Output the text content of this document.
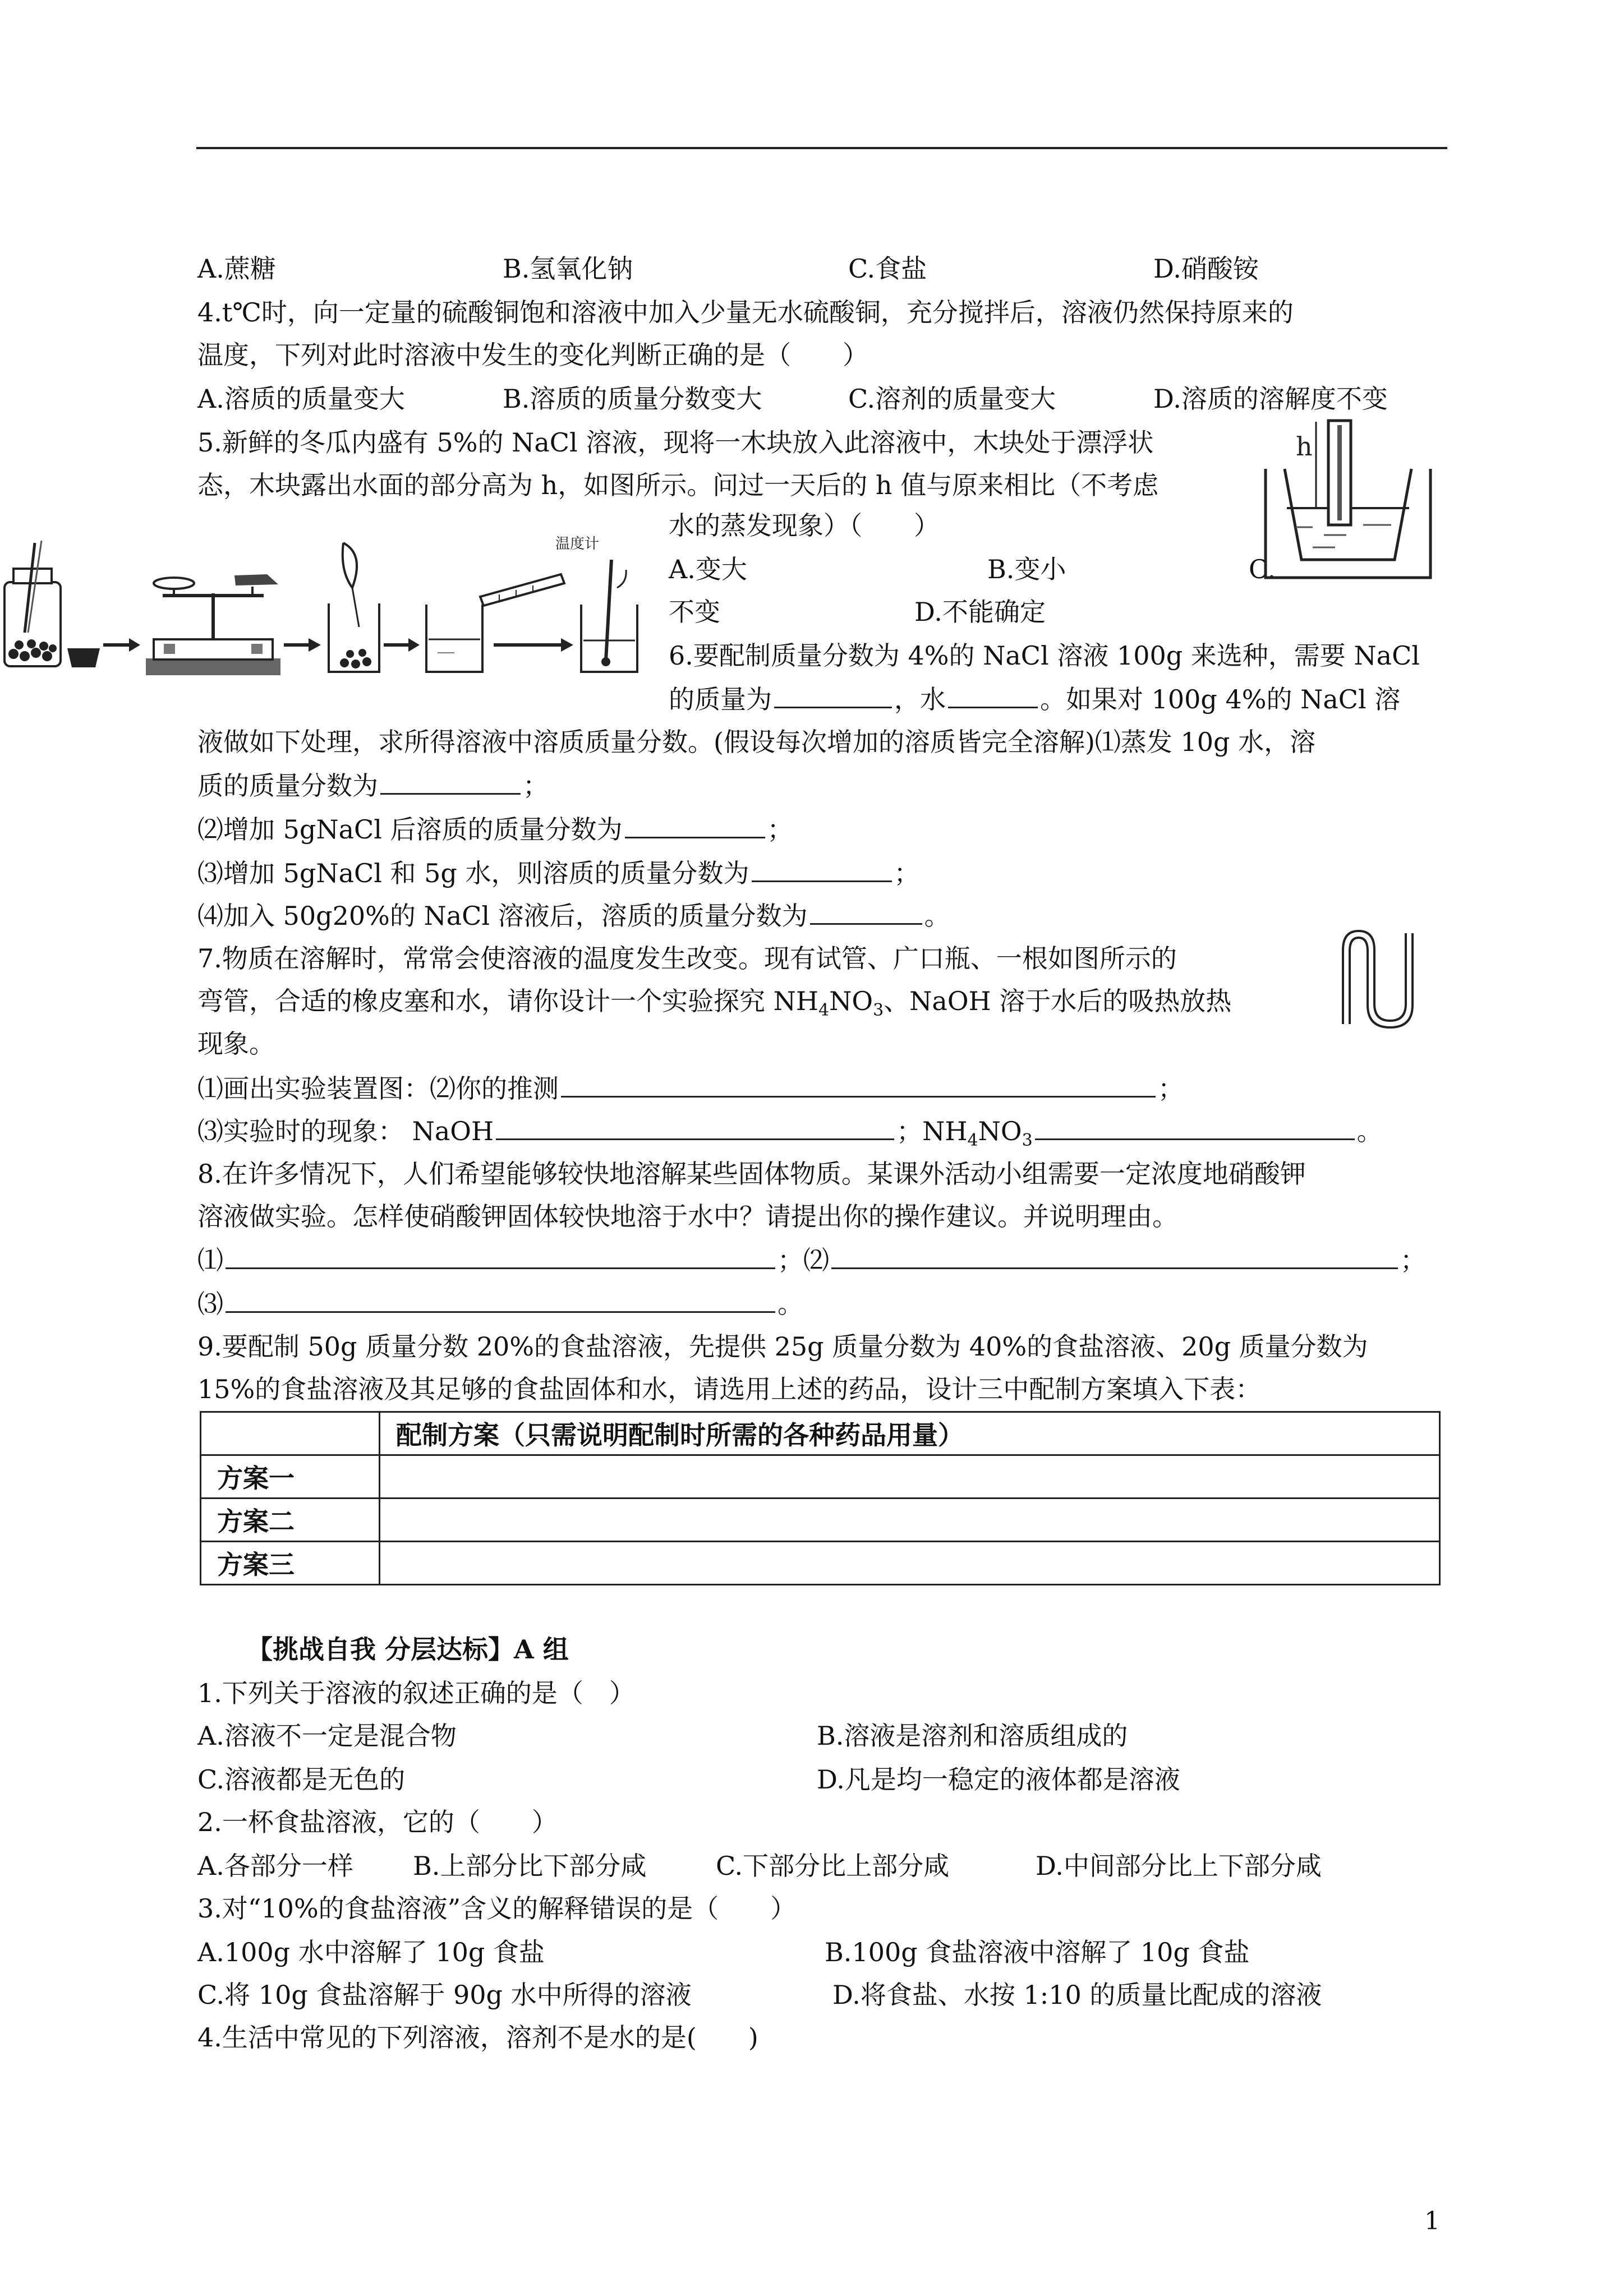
A.蔗糖	B.氢氧化钠	C.食盐	D.硝酸铵
4.t℃时，向一定量的硫酸铜饱和溶液中加入少量无水硫酸铜，充分搅拌后，溶液仍然保持原来的
温度，下列对此时溶液中发生的变化判断正确的是（　　）
A.溶质的质量变大	B.溶质的质量分数变大	C.溶剂的质量变大	D.溶质的溶解度不变
5.新鲜的冬瓜内盛有 5%的 NaCl 溶液，现将一木块放入此溶液中，木块处于漂浮状
态，木块露出水面的部分高为 h，如图所示。问过一天后的 h 值与原来相比（不考虑
水的蒸发现象）（　　）
A.变大	B.变小	C.
不变	D.不能确定
h
温度计
6.要配制质量分数为 4%的 NaCl 溶液 100g 来选种，需要 NaCl
的质量为	，水	。如果对 100g 4%的 NaCl 溶
液做如下处理，求所得溶液中溶质质量分数。(假设每次增加的溶质皆完全溶解)⑴蒸发 10g 水，溶
质的质量分数为	；
⑵增加 5gNaCl 后溶质的质量分数为	；
⑶增加 5gNaCl 和 5g 水，则溶质的质量分数为	；
⑷加入 50g20%的 NaCl 溶液后，溶质的质量分数为	。
7.物质在溶解时，常常会使溶液的温度发生改变。现有试管、广口瓶、一根如图所示的
弯管，合适的橡皮塞和水，请你设计一个实验探究 $NH_4NO_3$、NaOH 溶于水后的吸热放热
现象。
⑴画出实验装置图：⑵你的推测	；
⑶实验时的现象： NaOH	；$NH_4NO_3$	。
8.在许多情况下，人们希望能够较快地溶解某些固体物质。某课外活动小组需要一定浓度地硝酸钾
溶液做实验。怎样使硝酸钾固体较快地溶于水中？请提出你的操作建议。并说明理由。
⑴	；⑵	；
⑶	。
9.要配制 50g 质量分数 20%的食盐溶液，先提供 25g 质量分数为 40%的食盐溶液、20g 质量分数为
15%的食盐溶液及其足够的食盐固体和水，请选用上述的药品，设计三中配制方案填入下表：
	配制方案（只需说明配制时所需的各种药品用量）
方案一	
方案二	
方案三	
【挑战自我 分层达标】A 组
1.下列关于溶液的叙述正确的是（　）
A.溶液不一定是混合物	B.溶液是溶剂和溶质组成的
C.溶液都是无色的	D.凡是均一稳定的液体都是溶液
2.一杯食盐溶液，它的（　　）
A.各部分一样 B.上部分比下部分咸	C.下部分比上部分咸	D.中间部分比上下部分咸
3.对“10%的食盐溶液”含义的解释错误的是（　　）
A.100g 水中溶解了 10g 食盐	B.100g 食盐溶液中溶解了 10g 食盐
C.将 10g 食盐溶解于 90g 水中所得的溶液	D.将食盐、水按 1:10 的质量比配成的溶液
4.生活中常见的下列溶液，溶剂不是水的是(　　)
1
